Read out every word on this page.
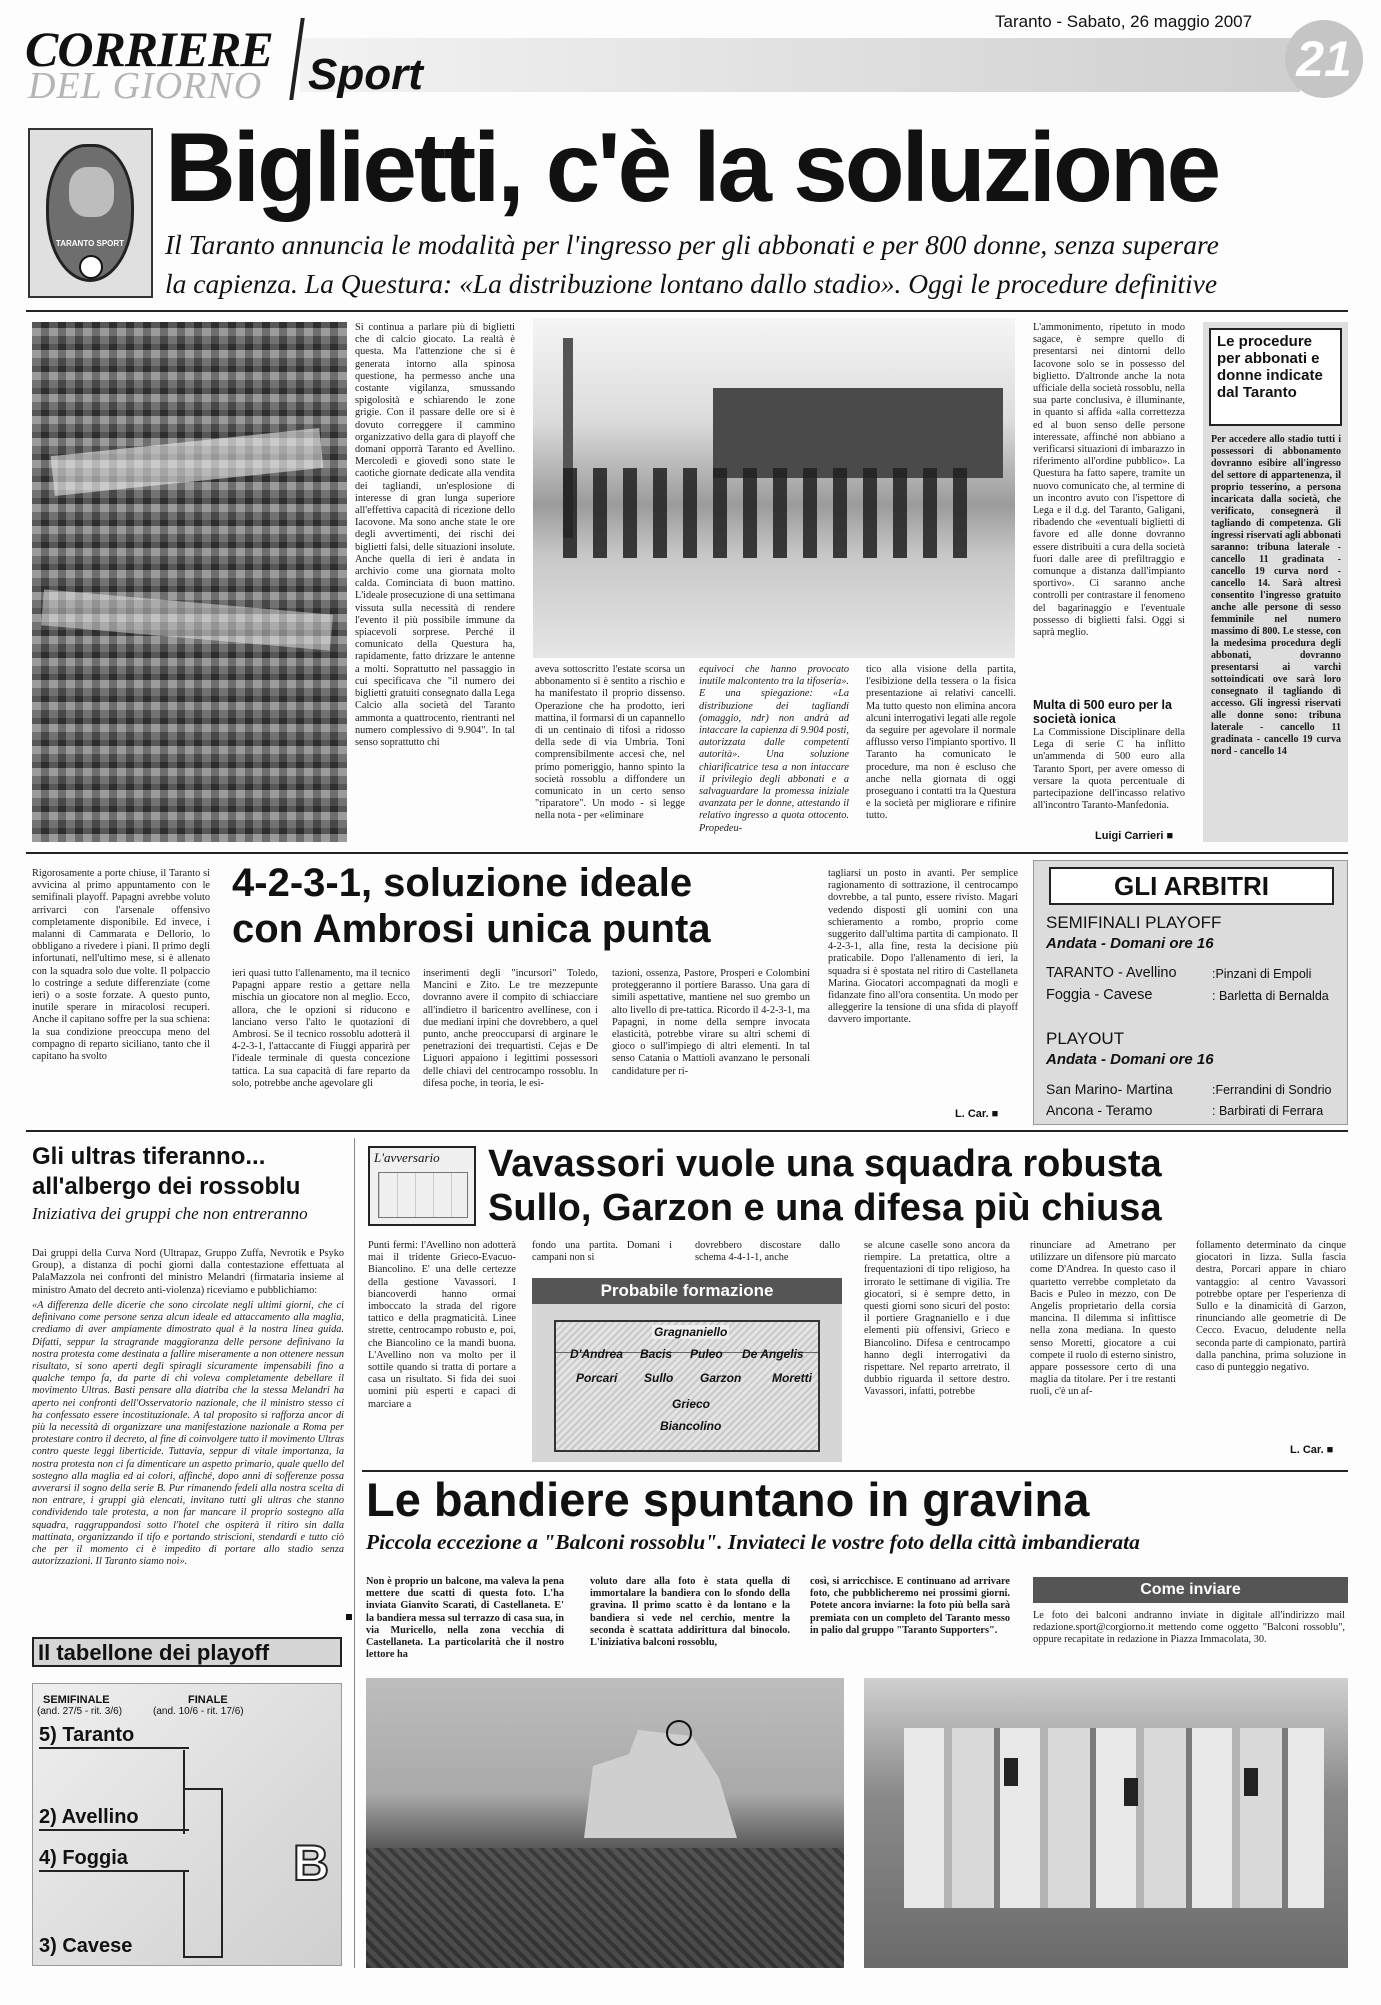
CORRIERE
DEL GIORNO Sport
Taranto - Sabato, 26 maggio 2007
21
TARANTO SPORT
Biglietti, c'è la soluzione
Il Taranto annuncia le modalità per l'ingresso per gli abbonati e per 800 donne, senza superare
la capienza. La Questura: «La distribuzione lontano dallo stadio». Oggi le procedure definitive
Si continua a parlare più di biglietti che di calcio giocato. La realtà è questa. Ma l'attenzione che si è generata intorno alla spinosa questione, ha permesso anche una costante vigilanza, smussando spigolosità e schiarendo le zone grigie. Con il passare delle ore si è dovuto correggere il cammino organizzativo della gara di playoff che domani opporrà Taranto ed Avellino. Mercoledì e giovedì sono state le caotiche giornate dedicate alla vendita dei tagliandi, un'esplosione di interesse di gran lunga superiore all'effettiva capacità di ricezione dello Iacovone. Ma sono anche state le ore degli avvertimenti, dei rischi dei biglietti falsi, delle situazioni insolute. Anche quella di ieri è andata in archivio come una giornata molto calda. Cominciata di buon mattino. L'ideale prosecuzione di una settimana vissuta sulla necessità di rendere l'evento il più possibile immune da spiacevoli sorprese. Perché il comunicato della Questura ha, rapidamente, fatto drizzare le antenne a molti. Soprattutto nel passaggio in cui specificava che "il numero dei biglietti gratuiti consegnato dalla Lega Calcio alla società del Taranto ammonta a quattrocento, rientranti nel numero complessivo di 9.904". In tal senso soprattutto chi
aveva sottoscritto l'estate scorsa un abbonamento si è sentito a rischio e ha manifestato il proprio dissenso. Operazione che ha prodotto, ieri mattina, il formarsi di un capannello di un centinaio di tifosi a ridosso della sede di via Umbria. Toni comprensibilmente accesi che, nel primo pomeriggio, hanno spinto la società rossoblu a diffondere un comunicato in un certo senso "riparatore". Un modo - si legge nella nota - per «eliminare
equivoci che hanno provocato inutile malcontento tra la tifoseria». E una spiegazione: «La distribuzione dei tagliandi (omaggio, ndr) non andrà ad intaccare la capienza di 9.904 posti, autorizzata dalle competenti autorità». Una soluzione chiarificatrice tesa a non intaccare il privilegio degli abbonati e a salvaguardare la promessa iniziale avanzata per le donne, attestando il relativo ingresso a quota ottocento. Propedeu-
tico alla visione della partita, l'esibizione della tessera o la fisica presentazione ai relativi cancelli. Ma tutto questo non elimina ancora alcuni interrogativi legati alle regole da seguire per agevolare il normale afflusso verso l'impianto sportivo. Il Taranto ha comunicato le procedure, ma non è escluso che anche nella giornata di oggi proseguano i contatti tra la Questura e la società per migliorare e rifinire tutto.
L'ammonimento, ripetuto in modo sagace, è sempre quello di presentarsi nei dintorni dello Iacovone solo se in possesso del biglietto. D'altronde anche la nota ufficiale della società rossoblu, nella sua parte conclusiva, è illuminante, in quanto si affida «alla correttezza ed al buon senso delle persone interessate, affinché non abbiano a verificarsi situazioni di imbarazzo in riferimento all'ordine pubblico». La Questura ha fatto sapere, tramite un nuovo comunicato che, al termine di un incontro avuto con l'ispettore di Lega e il d.g. del Taranto, Galigani, ribadendo che «eventuali biglietti di favore ed alle donne dovranno essere distribuiti a cura della società fuori dalle aree di prefiltraggio e comunque a distanza dall'impianto sportivo». Ci saranno anche controlli per contrastare il fenomeno del bagarinaggio e l'eventuale possesso di biglietti falsi. Oggi si saprà meglio.
Multa di 500 euro per la società ionica
La Commissione Disciplinare della Lega di serie C ha inflitto un'ammenda di 500 euro alla Taranto Sport, per avere omesso di versare la quota percentuale di partecipazione dell'incasso relativo all'incontro Taranto-Manfedonia.
Luigi Carrieri ■
Le procedure per abbonati e donne indicate dal Taranto
Per accedere allo stadio tutti i possessori di abbonamento dovranno esibire all'ingresso del settore di appartenenza, il proprio tesserino, a persona incaricata dalla società, che verificato, consegnerà il tagliando di competenza. Gli ingressi riservati agli abbonati saranno: tribuna laterale - cancello 11 gradinata - cancello 19 curva nord - cancello 14. Sarà altresì consentito l'ingresso gratuito anche alle persone di sesso femminile nel numero massimo di 800. Le stesse, con la medesima procedura degli abbonati, dovranno presentarsi ai varchi sottoindicati ove sarà loro consegnato il tagliando di accesso. Gli ingressi riservati alle donne sono: tribuna laterale - cancello 11 gradinata - cancello 19 curva nord - cancello 14
Rigorosamente a porte chiuse, il Taranto si avvicina al primo appuntamento con le semifinali playoff. Papagni avrebbe voluto arrivarci con l'arsenale offensivo completamente disponibile. Ed invece, i malanni di Cammarata e Dellorio, lo obbligano a rivedere i piani. Il primo degli infortunati, nell'ultimo mese, si è allenato con la squadra solo due volte. Il polpaccio lo costringe a sedute differenziate (come ieri) o a soste forzate. A questo punto, inutile sperare in miracolosi recuperi. Anche il capitano soffre per la sua schiena: la sua condizione preoccupa meno del compagno di reparto siciliano, tanto che il capitano ha svolto
4-2-3-1, soluzione ideale
con Ambrosi unica punta
ieri quasi tutto l'allenamento, ma il tecnico Papagni appare restio a gettare nella mischia un giocatore non al meglio. Ecco, allora, che le opzioni si riducono e lanciano verso l'alto le quotazioni di Ambrosi. Se il tecnico rossoblu adotterà il 4-2-3-1, l'attaccante di Fiuggi apparirà per l'ideale terminale di questa concezione tattica. La sua capacità di fare reparto da solo, potrebbe anche agevolare gli
inserimenti degli "incursori" Toledo, Mancini e Zito. Le tre mezzepunte dovranno avere il compito di schiacciare all'indietro il baricentro avellinese, con i due mediani irpini che dovrebbero, a quel punto, anche preoccuparsi di arginare le penetrazioni dei trequartisti. Cejas e De Liguori appaiono i legittimi possessori delle chiavi del centrocampo rossoblu. In difesa poche, in teoria, le esi-
tazioni, ossenza, Pastore, Prosperi e Colombini proteggeranno il portiere Barasso. Una gara di simili aspettative, mantiene nel suo grembo un alto livello di pre-tattica. Ricordo il 4-2-3-1, ma Papagni, in nome della sempre invocata elasticità, potrebbe virare su altri schemi di gioco o sull'impiego di altri elementi. In tal senso Catania o Mattioli avanzano le personali candidature per ri-
tagliarsi un posto in avanti. Per semplice ragionamento di sottrazione, il centrocampo dovrebbe, a tal punto, essere rivisto. Magari vedendo disposti gli uomini con una schieramento a rombo, proprio come suggerito dall'ultima partita di campionato. Il 4-2-3-1, alla fine, resta la decisione più praticabile. Dopo l'allenamento di ieri, la squadra si è spostata nel ritiro di Castellaneta Marina. Giocatori accompagnati da mogli e fidanzate fino all'ora consentita. Un modo per alleggerire la tensione di una sfida di playoff davvero importante.
L. Car. ■
GLI ARBITRI
SEMIFINALI PLAYOFF
Andata - Domani ore 16
TARANTO - Avellino	:Pinzani di Empoli
Foggia - Cavese	: Barletta di Bernalda
PLAYOUT
Andata - Domani ore 16
San Marino- Martina	:Ferrandini di Sondrio
Ancona - Teramo	: Barbirati di Ferrara
Gli ultras tiferanno...
all'albergo dei rossoblu
Iniziativa dei gruppi che non entreranno
Dai gruppi della Curva Nord (Ultrapaz, Gruppo Zuffa, Nevrotik e Psyko Group), a distanza di pochi giorni dalla contestazione effettuata al PalaMazzola nei confronti del ministro Melandri (firmataria insieme al ministro Amato del decreto anti-violenza) riceviamo e pubblichiamo:
«A differenza delle dicerie che sono circolate negli ultimi giorni, che ci definivano come persone senza alcun ideale ed attaccamento alla maglia, crediamo di aver ampiamente dimostrato qual è la nostra linea guida. Difatti, seppur la stragrande maggioranza delle persone definivano la nostra protesta come destinata a fallire miseramente a non ottenere nessun risultato, si sono aperti degli spiragli sicuramente impensabili fino a qualche tempo fa, da parte di chi voleva completamente debellare il movimento Ultras. Basti pensare alla diatriba che la stessa Melandri ha aperto nei confronti dell'Osservatorio nazionale, che il ministro stesso ci ha confessato essere incostituzionale. A tal proposito si rafforza ancor di più la necessità di organizzare una manifestazione nazionale a Roma per protestare contro il decreto, al fine di coinvolgere tutto il movimento Ultras contro queste leggi liberticide. Tuttavia, seppur di vitale importanza, la nostra protesta non ci fa dimenticare un aspetto primario, quale quello del sostegno alla maglia ed ai colori, affinché, dopo anni di sofferenze possa avverarsi il sogno della serie B. Pur rimanendo fedeli alla nostra scelta di non entrare, i gruppi già elencati, invitano tutti gli ultras che stanno condividendo tale protesta, a non far mancare il proprio sostegno alla squadra, raggruppandosi sotto l'hotel che ospiterà il ritiro sin dalla mattinata, organizzando il tifo e portando striscioni, stendardi e tutto ciò che per il momento ci è impedito di portare allo stadio senza autorizzazioni. Il Taranto siamo noi».
Il tabellone dei playoff
SEMIFINALE
(and. 27/5 - rit. 3/6)
FINALE
(and. 10/6 - rit. 17/6)
5) Taranto
2) Avellino
4) Foggia
3) Cavese
B
L'avversario Vavassori vuole una squadra robusta
Sullo, Garzon e una difesa più chiusa
Punti fermi: l'Avellino non adotterà mai il tridente Grieco-Evacuo-Biancolino. E' una delle certezze della gestione Vavassori. I biancoverdi hanno ormai imboccato la strada del rigore tattico e della pragmaticità. Linee strette, centrocampo robusto e, poi, che Biancolino ce la mandi buona. L'Avellino non va molto per il sottile quando si tratta di portare a casa un risultato. Si fida dei suoi uomini più esperti e capaci di marciare a
fondo una partita. Domani i campani non si
dovrebbero discostare dallo schema 4-4-1-1, anche
Probabile formazione
Gragnaniello
D'Andrea Bacis Puleo De Angelis
Porcari Sullo Garzon	Moretti
Grieco
Biancolino
se alcune caselle sono ancora da riempire. La pretattica, oltre a frequentazioni di tipo religioso, ha irrorato le settimane di vigilia. Tre giocatori, si è sempre detto, in questi giorni sono sicuri del posto: il portiere Gragnaniello e i due elementi più offensivi, Grieco e Biancolino. Difesa e centrocampo hanno degli interrogativi da rispettare. Nel reparto arretrato, il dubbio riguarda il settore destro. Vavassori, infatti, potrebbe
rinunciare ad Ametrano per utilizzare un difensore più marcato come D'Andrea. In questo caso il quartetto verrebbe completato da Bacis e Puleo in mezzo, con De Angelis proprietario della corsia mancina. Il dilemma si infittisce nella zona mediana. In questo senso Moretti, giocatore a cui compete il ruolo di esterno sinistro, appare possessore certo di una maglia da titolare. Per i tre restanti ruoli, c'è un af-
follamento determinato da cinque giocatori in lizza. Sulla fascia destra, Porcari appare in chiaro vantaggio: al centro Vavassori potrebbe optare per l'esperienza di Sullo e la dinamicità di Garzon, rinunciando alle geometrie di De Cecco. Evacuo, deludente nella seconda parte di campionato, partirà dalla panchina, prima soluzione in caso di punteggio negativo.
L. Car. ■
Le bandiere spuntano in gravina
Piccola eccezione a "Balconi rossoblu". Inviateci le vostre foto della città imbandierata
Non è proprio un balcone, ma valeva la pena mettere due scatti di questa foto. L'ha inviata Gianvito Scarati, di Castellaneta. E' la bandiera messa sul terrazzo di casa sua, in via Muricello, nella zona vecchia di Castellaneta. La particolarità che il nostro lettore ha
voluto dare alla foto è stata quella di immortalare la bandiera con lo sfondo della gravina. Il primo scatto è da lontano e la bandiera si vede nel cerchio, mentre la seconda è scattata addirittura dal binocolo. L'iniziativa balconi rossoblu,
così, si arricchisce. E continuano ad arrivare foto, che pubblicheremo nei prossimi giorni. Potete ancora inviarne: la foto più bella sarà premiata con un completo del Taranto messo in palio dal gruppo "Taranto Supporters".
Come inviare
Le foto dei balconi andranno inviate in digitale all'indirizzo mail redazione.sport@corgiorno.it mettendo come oggetto "Balconi rossoblu", oppure recapitate in redazione in Piazza Immacolata, 30.
